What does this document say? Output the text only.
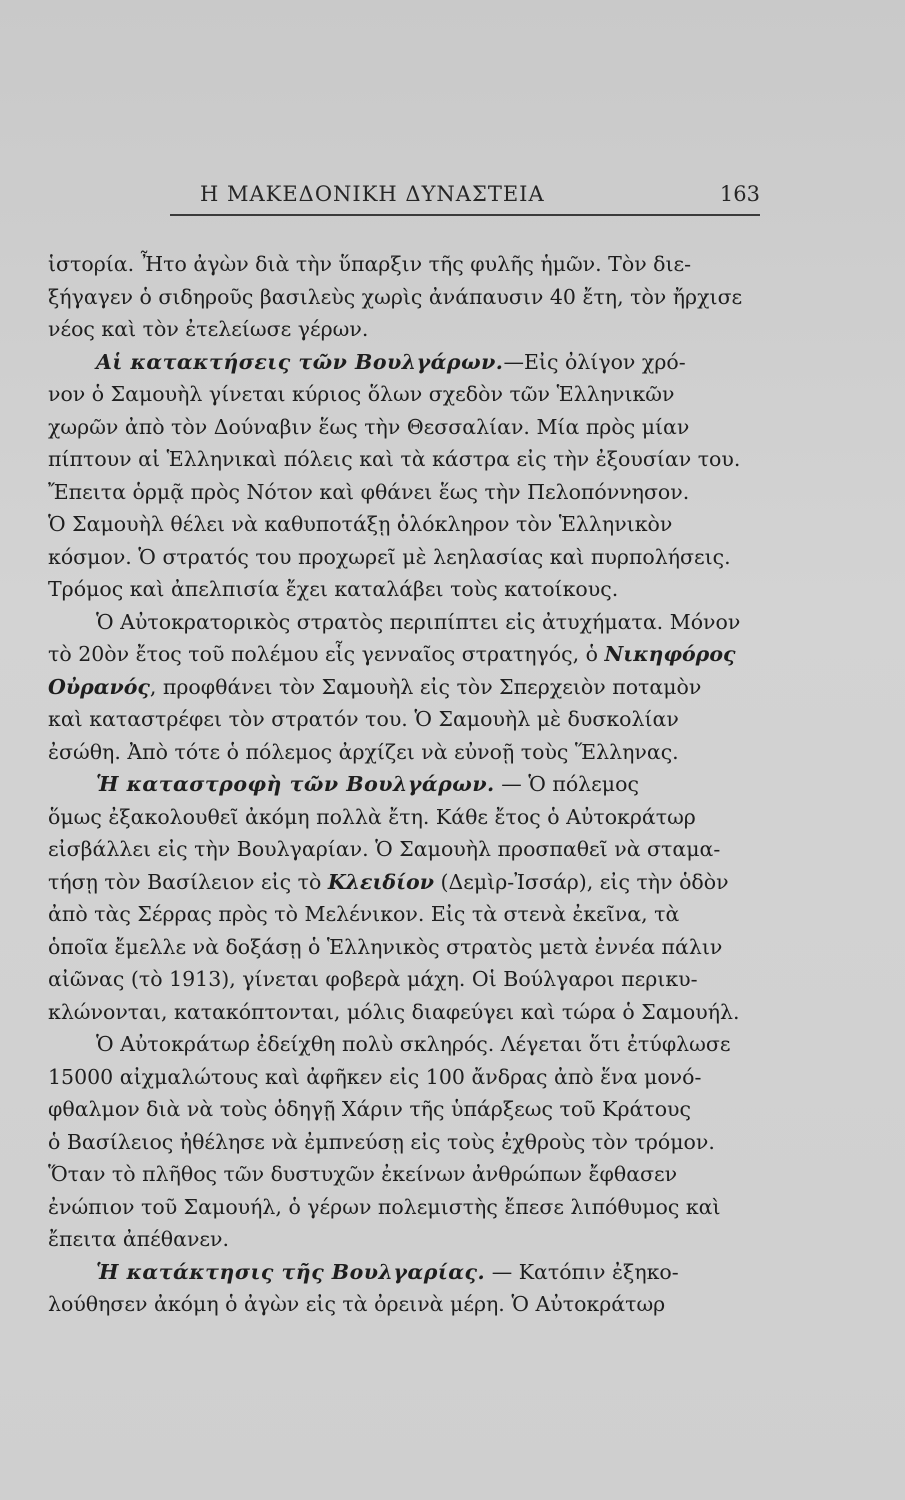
Η ΜΑΚΕΔΟΝΙΚΗ ΔΥΝΑΣΤΕΙΑ	163
ἱστορία. Ἦτο ἀγὼν διὰ τὴν ὕπαρξιν τῆς φυλῆς ἡμῶν. Τὸν διε-
ξήγαγεν ὁ σιδηροῦς βασιλεὺς χωρὶς ἀνάπαυσιν 40 ἔτη, τὸν ἤρχισε
νέος καὶ τὸν ἐτελείωσε γέρων.
Αἱ κατακτήσεις τῶν Βουλγάρων.—Εἰς ὀλίγον χρό-
νον ὁ Σαμουὴλ γίνεται κύριος ὅλων σχεδὸν τῶν Ἑλληνικῶν
χωρῶν ἀπὸ τὸν Δούναβιν ἕως τὴν Θεσσαλίαν. Μία πρὸς μίαν
πίπτουν αἱ Ἑλληνικαὶ πόλεις καὶ τὰ κάστρα εἰς τὴν ἐξουσίαν του.
Ἔπειτα ὁρμᾷ πρὸς Νότον καὶ φθάνει ἕως τὴν Πελοπόννησον.
Ὁ Σαμουὴλ θέλει νὰ καθυποτάξῃ ὁλόκληρον τὸν Ἑλληνικὸν
κόσμον. Ὁ στρατός του προχωρεῖ μὲ λεηλασίας καὶ πυρπολήσεις.
Τρόμος καὶ ἀπελπισία ἔχει καταλάβει τοὺς κατοίκους.
Ὁ Αὐτοκρατορικὸς στρατὸς περιπίπτει εἰς ἀτυχήματα. Μόνον
τὸ 20ὸν ἔτος τοῦ πολέμου εἷς γενναῖος στρατηγός, ὁ Νικηφόρος
Οὐρανός, προφθάνει τὸν Σαμουὴλ εἰς τὸν Σπερχειὸν ποταμὸν
καὶ καταστρέφει τὸν στρατόν του. Ὁ Σαμουὴλ μὲ δυσκολίαν
ἐσώθη. Ἀπὸ τότε ὁ πόλεμος ἀρχίζει νὰ εὐνοῇ τοὺς Ἕλληνας.
Ἡ καταστροφὴ τῶν Βουλγάρων. — Ὁ πόλεμος
ὅμως ἐξακολουθεῖ ἀκόμη πολλὰ ἔτη. Κάθε ἔτος ὁ Αὐτοκράτωρ
εἰσβάλλει εἰς τὴν Βουλγαρίαν. Ὁ Σαμουὴλ προσπαθεῖ νὰ σταμα-
τήσῃ τὸν Βασίλειον εἰς τὸ Κλειδίον (Δεμὶρ-Ἰσσάρ), εἰς τὴν ὁδὸν
ἀπὸ τὰς Σέρρας πρὸς τὸ Μελένικον. Εἰς τὰ στενὰ ἐκεῖνα, τὰ
ὁποῖα ἔμελλε νὰ δοξάσῃ ὁ Ἑλληνικὸς στρατὸς μετὰ ἐννέα πάλιν
αἰῶνας (τὸ 1913), γίνεται φοβερὰ μάχη. Οἱ Βούλγαροι περικυ-
κλώνονται, κατακόπτονται, μόλις διαφεύγει καὶ τώρα ὁ Σαμουήλ.
Ὁ Αὐτοκράτωρ ἐδείχθη πολὺ σκληρός. Λέγεται ὅτι ἐτύφλωσε
15000 αἰχμαλώτους καὶ ἀφῆκεν εἰς 100 ἄνδρας ἀπὸ ἕνα μονό-
φθαλμον διὰ νὰ τοὺς ὁδηγῇ Χάριν τῆς ὑπάρξεως τοῦ Κράτους
ὁ Βασίλειος ἠθέλησε νὰ ἐμπνεύσῃ εἰς τοὺς ἐχθροὺς τὸν τρόμον.
Ὅταν τὸ πλῆθος τῶν δυστυχῶν ἐκείνων ἀνθρώπων ἔφθασεν
ἐνώπιον τοῦ Σαμουήλ, ὁ γέρων πολεμιστὴς ἔπεσε λιπόθυμος καὶ
ἔπειτα ἀπέθανεν.
Ἡ κατάκτησις τῆς Βουλγαρίας. — Κατόπιν ἐξηκο-
λούθησεν ἀκόμη ὁ ἀγὼν εἰς τὰ ὀρεινὰ μέρη. Ὁ Αὐτοκράτωρ
